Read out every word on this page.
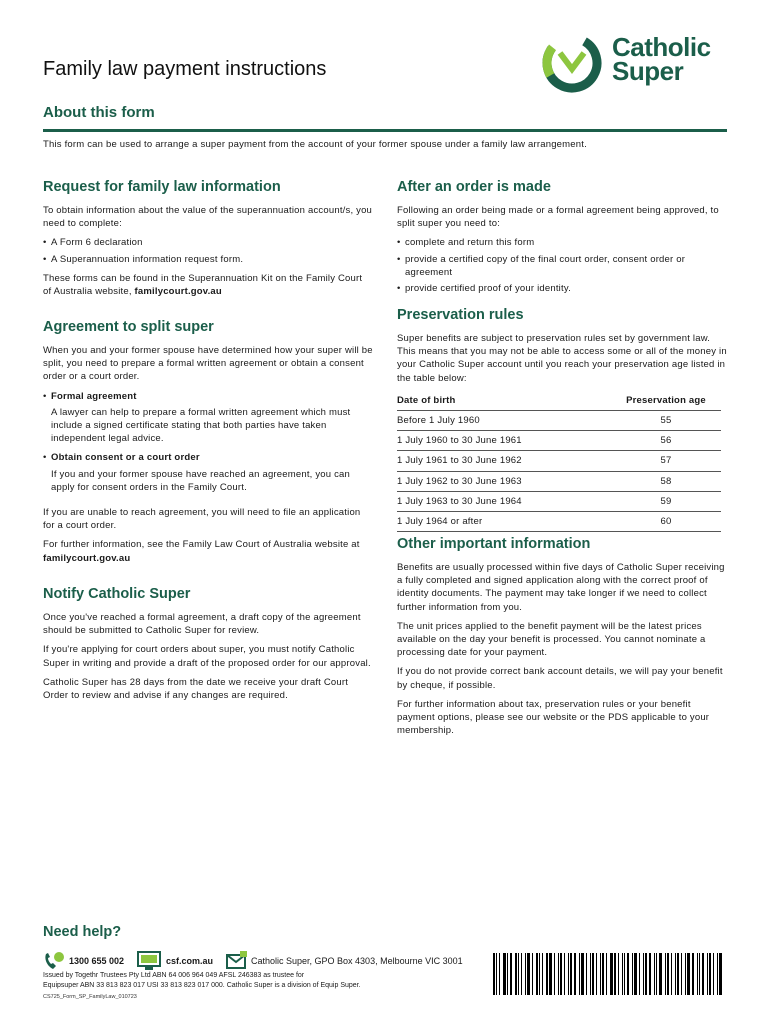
Family law payment instructions
Catholic
Super
About this form
This form can be used to arrange a super payment from the account of your former spouse under a family law arrangement.
Request for family law information

To obtain information about the value of the superannuation account/s, you need to complete:

• A Form 6 declaration
• A Superannuation information request form.

These forms can be found in the Superannuation Kit on the Family Court of Australia website, familycourt.gov.au

Agreement to split super

When you and your former spouse have determined how your super will be split, you need to prepare a formal written agreement or obtain a consent order or a court order.

• Formal agreement

A lawyer can help to prepare a formal written agreement which must include a signed certificate stating that both parties have taken independent legal advice.

• Obtain consent or a court order

If you and your former spouse have reached an agreement, you can apply for consent orders in the Family Court.

If you are unable to reach agreement, you will need to file an application for a court order.

For further information, see the Family Law Court of Australia website at familycourt.gov.au

Notify Catholic Super

Once you've reached a formal agreement, a draft copy of the agreement should be submitted to Catholic Super for review.

If you're applying for court orders about super, you must notify Catholic Super in writing and provide a draft of the proposed order for our approval.

Catholic Super has 28 days from the date we receive your draft Court Order to review and advise if any changes are required.

After an order is made

Following an order being made or a formal agreement being approved, to split super you need to:

• complete and return this form
• provide a certified copy of the final court order, consent order or agreement
• provide certified proof of your identity.
Preservation rules

Super benefits are subject to preservation rules set by government law. This means that you may not be able to access some or all of the money in your Catholic Super account until you reach your preservation age listed in the table below:

Date of birth	Preservation age
Before 1 July 1960	55
1 July 1960 to 30 June 1961	56
1 July 1961 to 30 June 1962	57
1 July 1962 to 30 June 1963	58
1 July 1963 to 30 June 1964	59
1 July 1964 or after	60
Other important information

Benefits are usually processed within five days of Catholic Super receiving a fully completed and signed application along with the correct proof of identity documents. The payment may take longer if we need to collect further information from you.

The unit prices applied to the benefit payment will be the latest prices available on the day your benefit is processed. You cannot nominate a processing date for your payment.

If you do not provide correct bank account details, we will pay your benefit by cheque, if possible.

For further information about tax, preservation rules or your benefit payment options, please see our website or the PDS applicable to your membership.

Need help?
1300 655 002	csf.com.au	Catholic Super, GPO Box 4303, Melbourne VIC 3001
Issued by Togethr Trustees Pty Ltd ABN 64 006 964 049 AFSL 246383 as trustee for
Equipsuper ABN 33 813 823 017 USI 33 813 823 017 000. Catholic Super is a division of Equip Super.
CS725_Form_SP_FamilyLaw_010723
